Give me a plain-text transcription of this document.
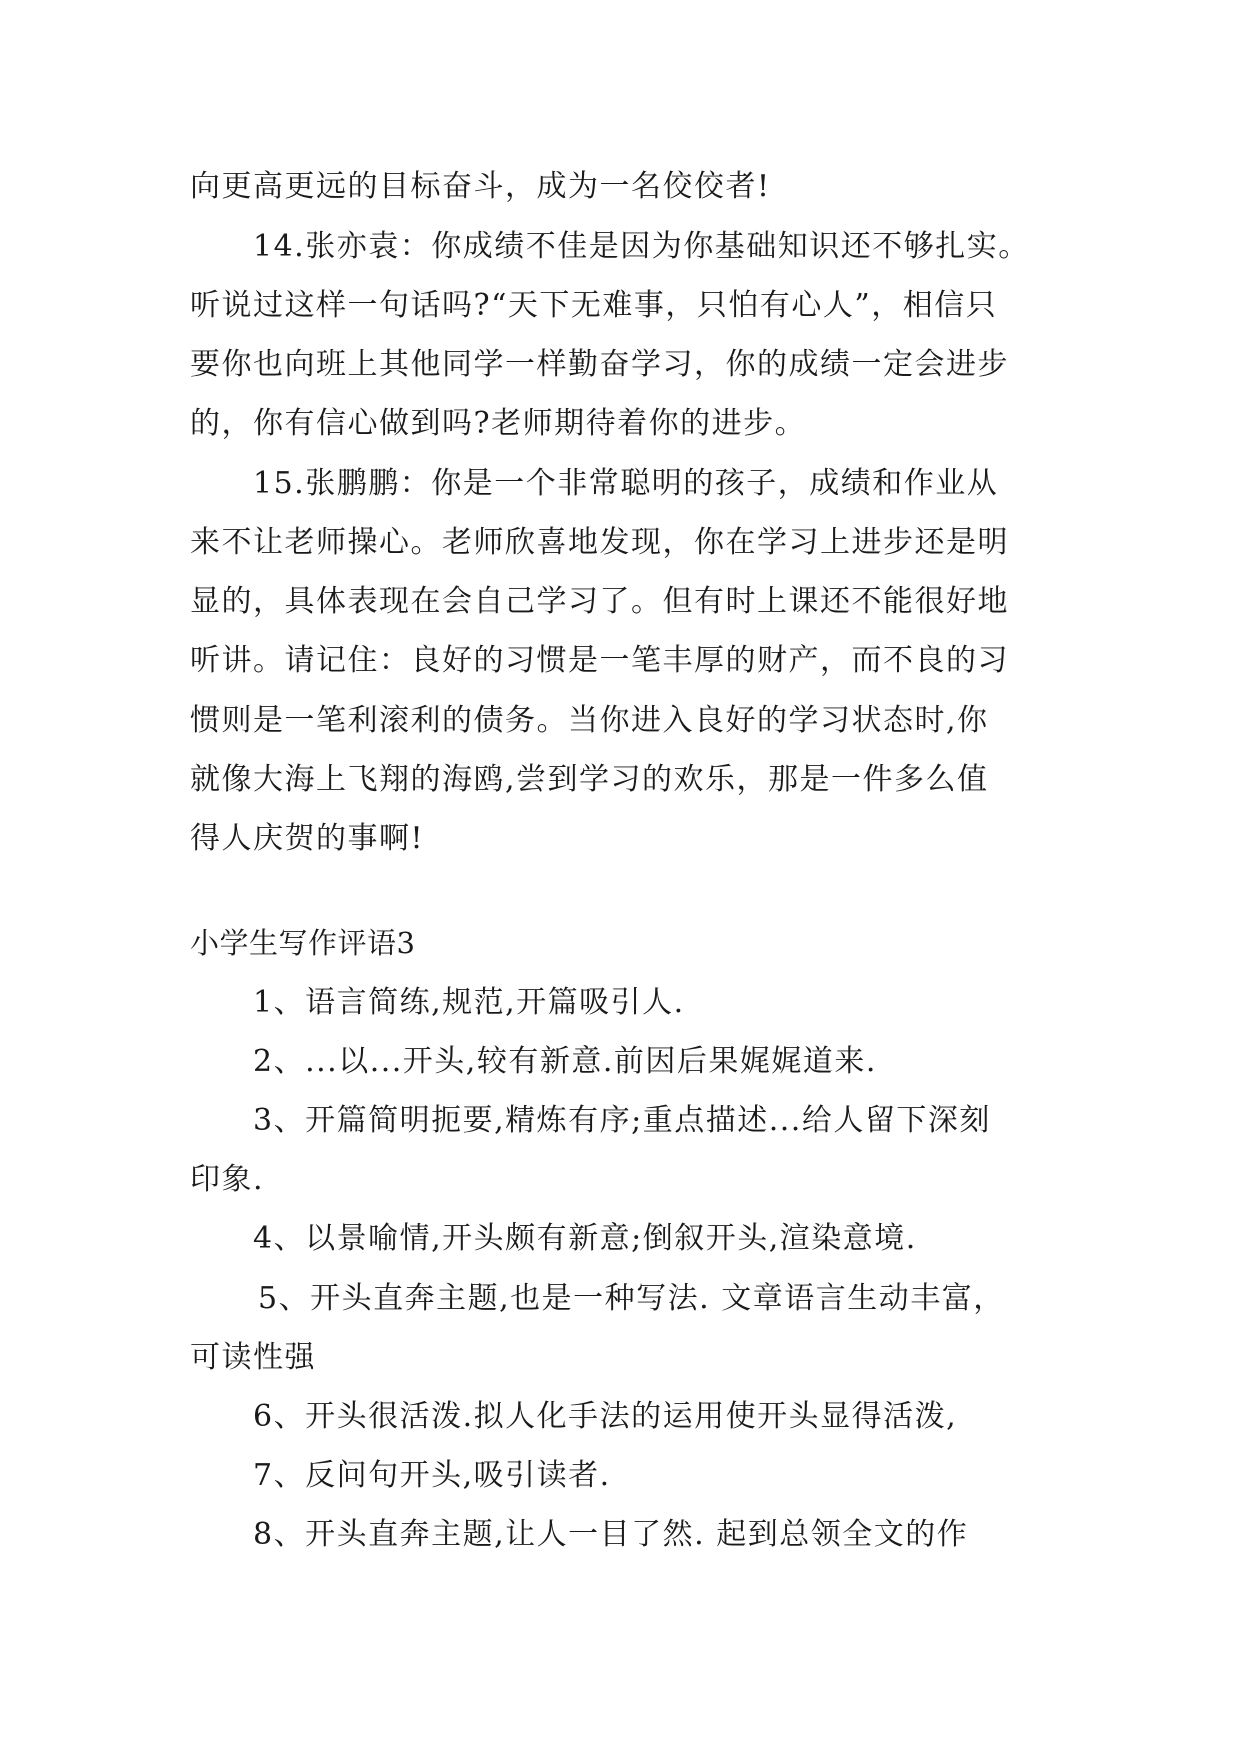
向更高更远的目标奋斗，成为一名佼佼者!
14.张亦袁：你成绩不佳是因为你基础知识还不够扎实。
听说过这样一句话吗?“天下无难事，只怕有心人”，相信只
要你也向班上其他同学一样勤奋学习，你的成绩一定会进步
的，你有信心做到吗?老师期待着你的进步。
15.张鹏鹏：你是一个非常聪明的孩子，成绩和作业从
来不让老师操心。老师欣喜地发现，你在学习上进步还是明
显的，具体表现在会自己学习了。但有时上课还不能很好地
听讲。请记住：良好的习惯是一笔丰厚的财产，而不良的习
惯则是一笔利滚利的债务。当你进入良好的学习状态时,你
就像大海上飞翔的海鸥,尝到学习的欢乐，那是一件多么值
得人庆贺的事啊!
小学生写作评语3
1、语言简练,规范,开篇吸引人.
2、...以...开头,较有新意.前因后果娓娓道来.
3、开篇简明扼要,精炼有序;重点描述...给人留下深刻
印象.
4、以景喻情,开头颇有新意;倒叙开头,渲染意境.
5、开头直奔主题,也是一种写法. 文章语言生动丰富，
可读性强
6、开头很活泼.拟人化手法的运用使开头显得活泼,
7、反问句开头,吸引读者.
8、开头直奔主题,让人一目了然. 起到总领全文的作
